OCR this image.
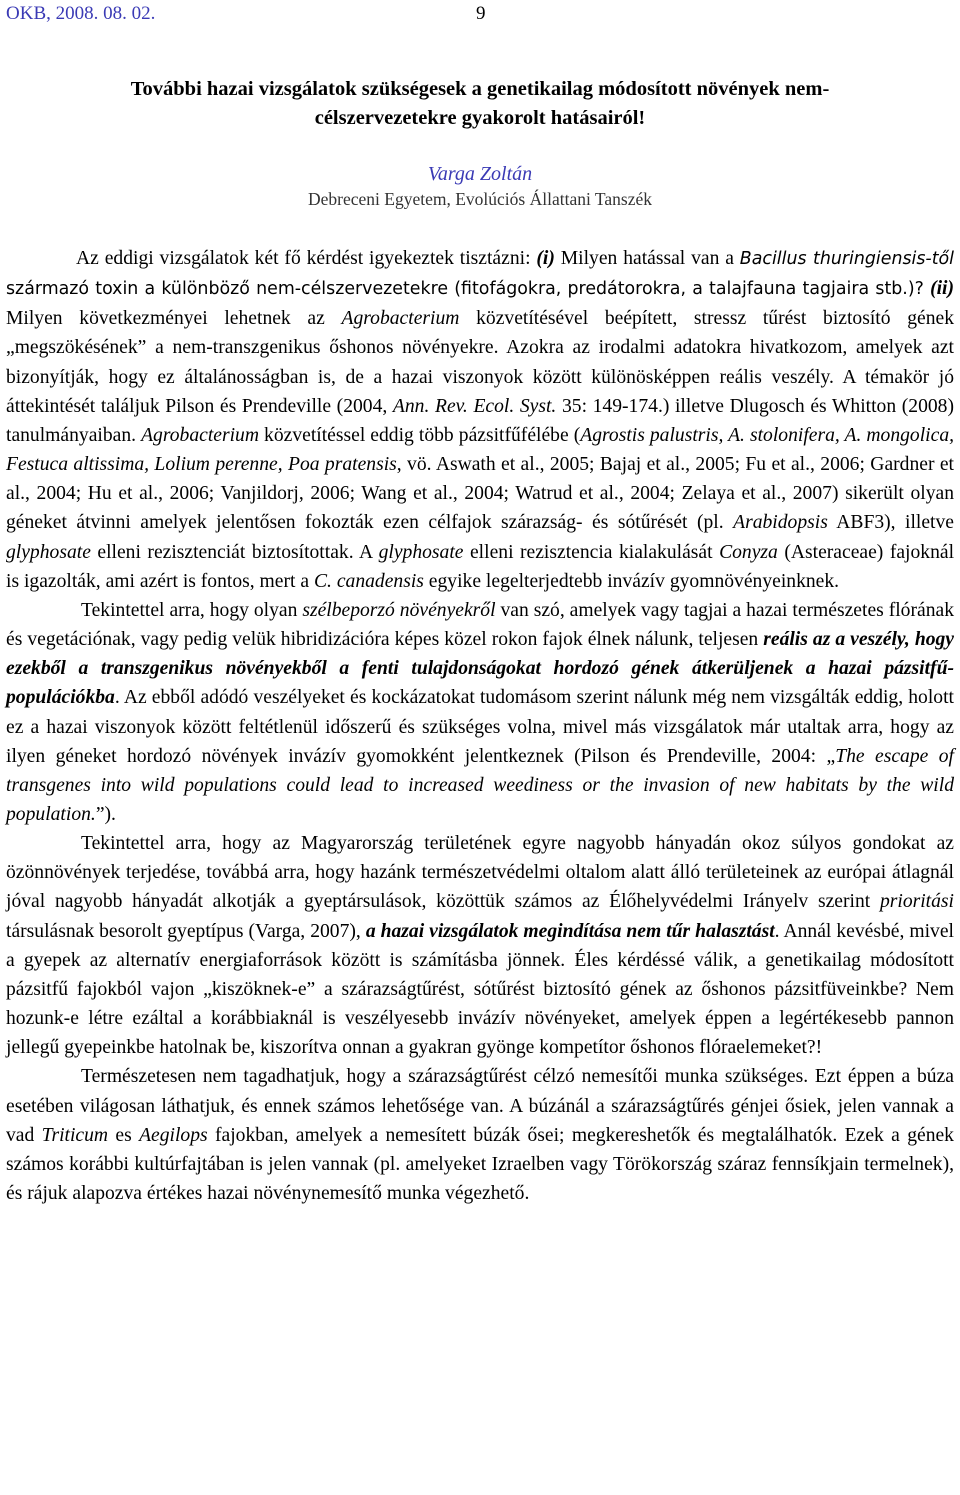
OKB, 2008. 08. 02.	9
További hazai vizsgálatok szükségesek a genetikailag módosított növények nem-
célszervezetekre gyakorolt hatásairól!
Varga Zoltán
Debreceni Egyetem, Evolúciós Állattani Tanszék

Az eddigi vizsgálatok két fő kérdést igyekeztek tisztázni: (i) Milyen hatással van a Bacillus thuringiensis-től származó toxin a különböző nem-célszervezetekre (fitofágokra, predátorokra, a talajfauna tagjaira stb.)? (ii) Milyen következményei lehetnek az Agrobacterium közvetítésével beépített, stressz tűrést biztosító gének „megszökésének” a nem-transzgenikus őshonos növényekre. Azokra az irodalmi adatokra hivatkozom, amelyek azt bizonyítják, hogy ez általánosságban is, de a hazai viszonyok között különösképpen reális veszély. A témakör jó áttekintését találjuk Pilson és Prendeville (2004, Ann. Rev. Ecol. Syst. 35: 149-174.) illetve Dlugosch és Whitton (2008) tanulmányaiban. Agrobacterium közvetítéssel eddig több pázsitfűfélébe (Agrostis palustris, A. stolonifera, A. mongolica, Festuca altissima, Lolium perenne, Poa pratensis, vö. Aswath et al., 2005; Bajaj et al., 2005; Fu et al., 2006; Gardner et al., 2004; Hu et al., 2006; Vanjildorj, 2006; Wang et al., 2004; Watrud et al., 2004; Zelaya et al., 2007) sikerült olyan géneket átvinni amelyek jelentősen fokozták ezen célfajok szárazság- és sótűrését (pl. Arabidopsis ABF3), illetve glyphosate elleni rezisztenciát biztosítottak. A glyphosate elleni rezisztencia kialakulását Conyza (Asteraceae) fajoknál is igazolták, ami azért is fontos, mert a C. canadensis egyike legelterjedtebb invázív gyomnövényeinknek.

Tekintettel arra, hogy olyan szélbeporzó növényekről van szó, amelyek vagy tagjai a hazai természetes flórának és vegetációnak, vagy pedig velük hibridizációra képes közel rokon fajok élnek nálunk, teljesen reális az a veszély, hogy ezekből a transzgenikus növényekből a fenti tulajdonságokat hordozó gének átkerüljenek a hazai pázsitfű-populációkba. Az ebből adódó veszélyeket és kockázatokat tudomásom szerint nálunk még nem vizsgálták eddig, holott ez a hazai viszonyok között feltétlenül időszerű és szükséges volna, mivel más vizsgálatok már utaltak arra, hogy az ilyen géneket hordozó növények invázív gyomokként jelentkeznek (Pilson és Prendeville, 2004: „The escape of transgenes into wild populations could lead to increased weediness or the invasion of new habitats by the wild population.”).

Tekintettel arra, hogy az Magyarország területének egyre nagyobb hányadán okoz súlyos gondokat az özönnövények terjedése, továbbá arra, hogy hazánk természetvédelmi oltalom alatt álló területeinek az európai átlagnál jóval nagyobb hányadát alkotják a gyeptársulások, közöttük számos az Élőhelyvédelmi Irányelv szerint prioritási társulásnak besorolt gyeptípus (Varga, 2007), a hazai vizsgálatok megindítása nem tűr halasztást. Annál kevésbé, mivel a gyepek az alternatív energiaforrások között is számításba jönnek. Éles kérdéssé válik, a genetikailag módosított pázsitfű fajokból vajon „kiszöknek-e” a szárazságtűrést, sótűrést biztosító gének az őshonos pázsitfüveinkbe? Nem hozunk-e létre ezáltal a korábbiaknál is veszélyesebb invázív növényeket, amelyek éppen a legértékesebb pannon jellegű gyepeinkbe hatolnak be, kiszorítva onnan a gyakran gyönge kompetítor őshonos flóraelemeket?!

Természetesen nem tagadhatjuk, hogy a szárazságtűrést célzó nemesítői munka szükséges. Ezt éppen a búza esetében világosan láthatjuk, és ennek számos lehetősége van. A búzánál a szárazságtűrés génjei ősiek, jelen vannak a vad Triticum es Aegilops fajokban, amelyek a nemesített búzák ősei; megkereshetők és megtalálhatók. Ezek a gének számos korábbi kultúrfajtában is jelen vannak (pl. amelyeket Izraelben vagy Törökország száraz fennsíkjain termelnek), és rájuk alapozva értékes hazai növénynemesítő munka végezhető.
